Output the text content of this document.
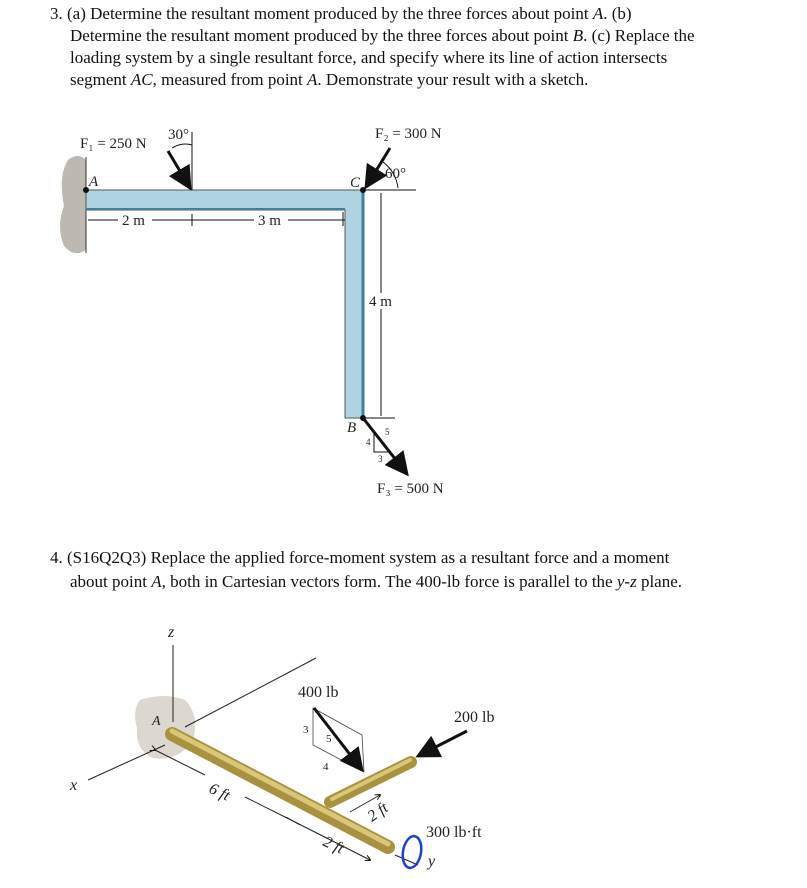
3. (a) Determine the resultant moment produced by the three forces about point A. (b)
Determine the resultant moment produced by the three forces about point B. (c) Replace the
loading system by a single resultant force, and specify where its line of action intersects
segment AC, measured from point A. Demonstrate your result with a sketch.
F₁ = 250 N
30°	F₂ = 300 N
60°
F₃ = 500 N
A
B
C
2 m	3 m
4 m
5
4
3
z
x
y
A
400 lb
200 lb
300 lb·ft
6 ft
2 ft
2 ft
3
5
4
4. (S16Q2Q3) Replace the applied force-moment system as a resultant force and a moment
about point A, both in Cartesian vectors form. The 400-lb force is parallel to the y-z plane.
